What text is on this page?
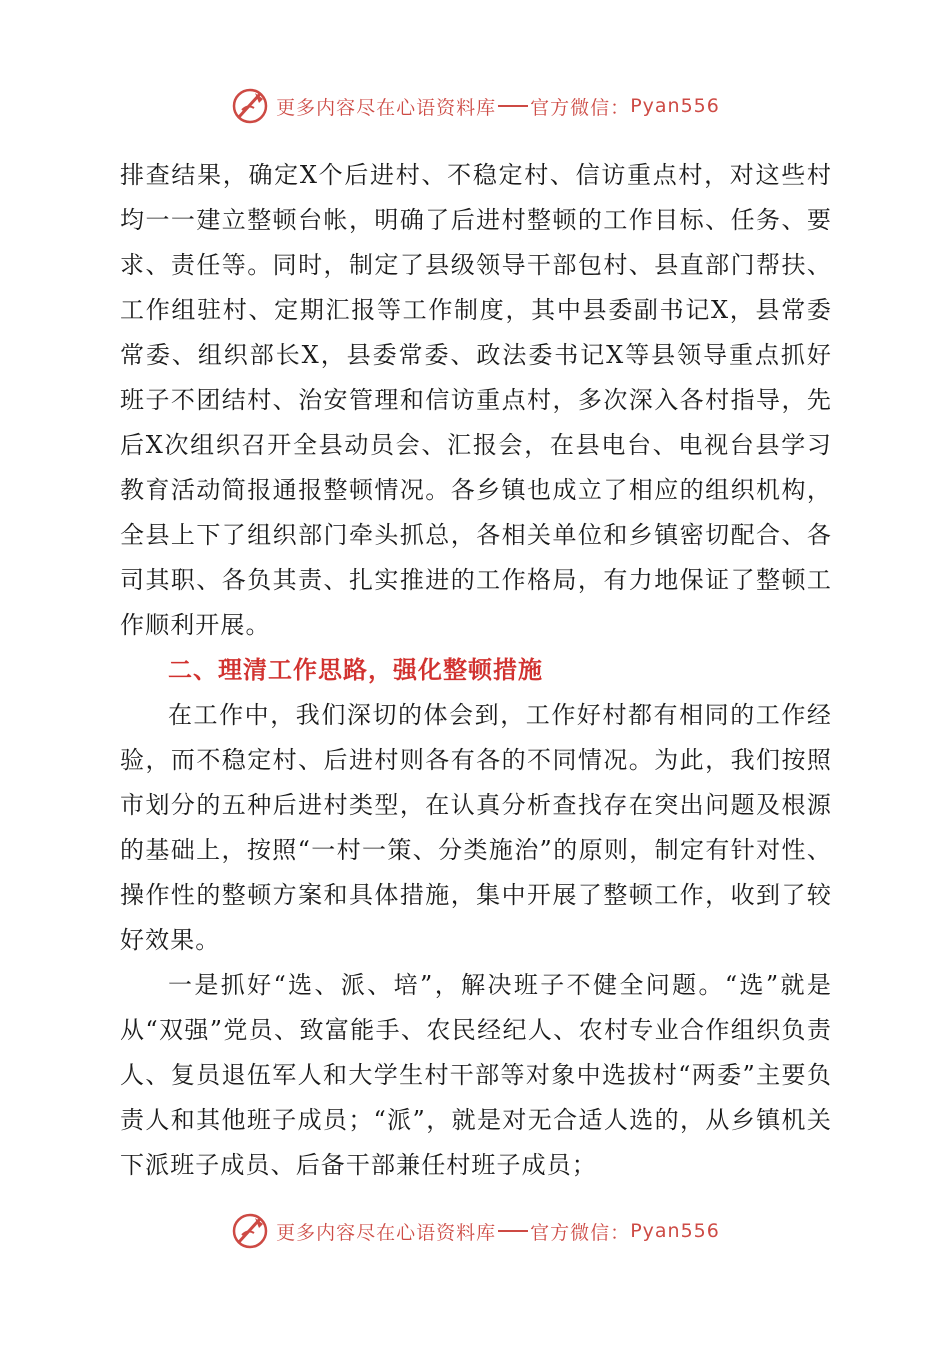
更多内容尽在心语资料库 官方微信： Pyan556

排查结果，确定X个后进村、不稳定村、信访重点村，对这些村均一一建立整顿台帐，明确了后进村整顿的工作目标、任务、要求、责任等。同时，制定了县级领导干部包村、县直部门帮扶、工作组驻村、定期汇报等工作制度，其中县委副书记X，县常委常委、组织部长X，县委常委、政法委书记X等县领导重点抓好班子不团结村、治安管理和信访重点村，多次深入各村指导，先后X次组织召开全县动员会、汇报会，在县电台、电视台县学习教育活动简报通报整顿情况。各乡镇也成立了相应的组织机构，全县上下了组织部门牵头抓总，各相关单位和乡镇密切配合、各司其职、各负其责、扎实推进的工作格局，有力地保证了整顿工作顺利开展。

二、理清工作思路，强化整顿措施

在工作中，我们深切的体会到，工作好村都有相同的工作经验，而不稳定村、后进村则各有各的不同情况。为此，我们按照市划分的五种后进村类型，在认真分析查找存在突出问题及根源的基础上，按照“一村一策、分类施治”的原则，制定有针对性、操作性的整顿方案和具体措施，集中开展了整顿工作，收到了较好效果。

一是抓好“选、派、培”，解决班子不健全问题。“选”就是从“双强”党员、致富能手、农民经纪人、农村专业合作组织负责人、复员退伍军人和大学生村干部等对象中选拔村“两委”主要负责人和其他班子成员；“派”，就是对无合适人选的，从乡镇机关下派班子成员、后备干部兼任村班子成员；

更多内容尽在心语资料库 官方微信： Pyan556
